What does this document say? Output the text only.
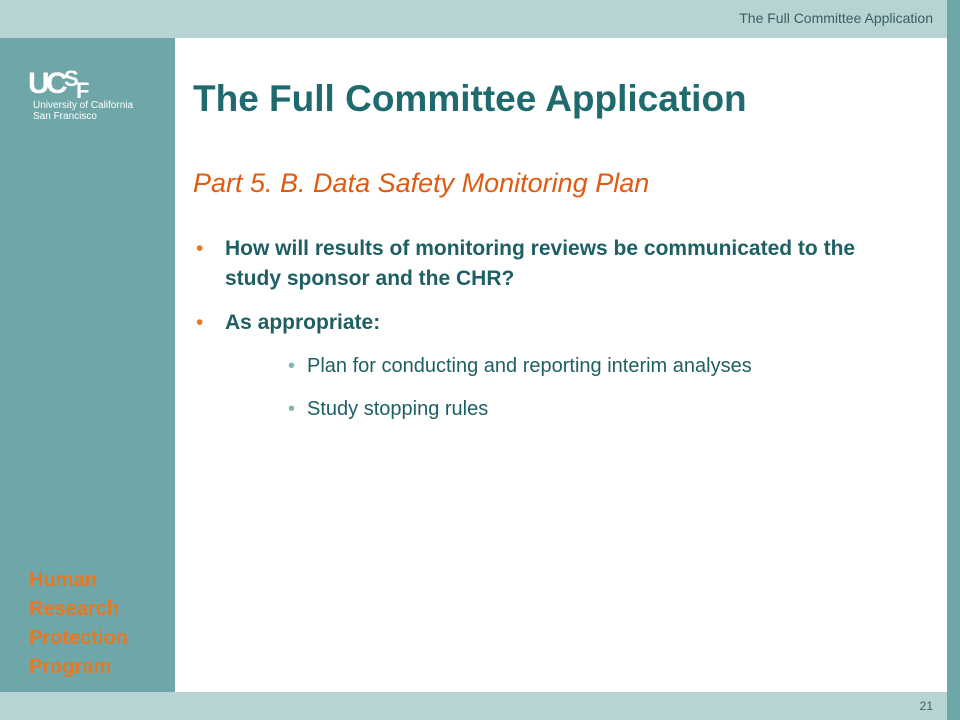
The Full Committee Application
U C S F
University of California
San Francisco
Human
Research
Protection
Program
The Full Committee Application
Part 5. B. Data Safety Monitoring Plan
• How will results of monitoring reviews be communicated to the study sponsor and the CHR?
• As appropriate:
• Plan for conducting and reporting interim analyses
• Study stopping rules
21
